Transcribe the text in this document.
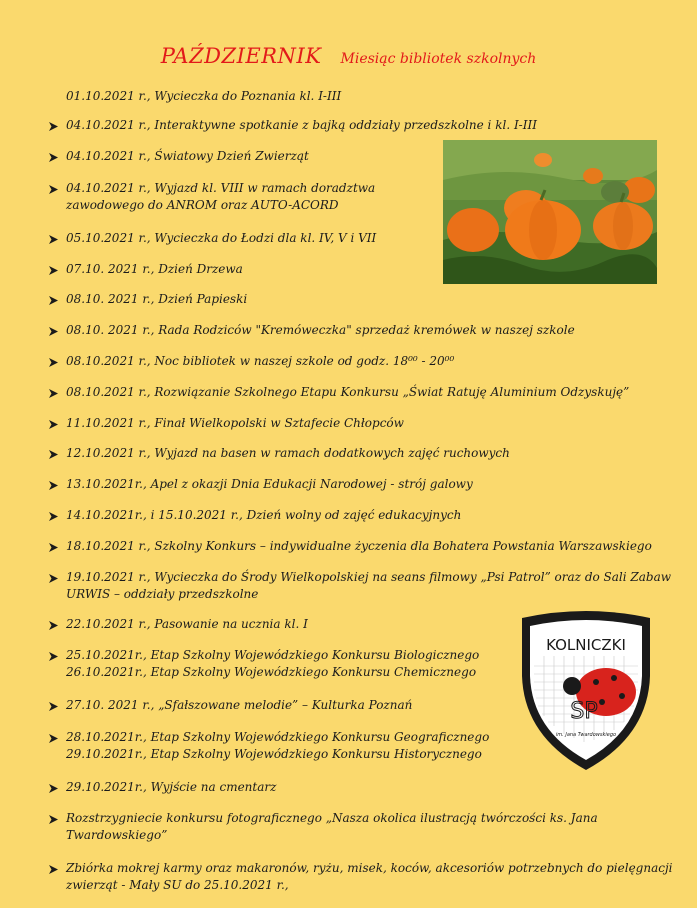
PAŹDZIERNIK Miesiąc bibliotek szkolnych
01.10.2021 r., Wycieczka do Poznania kl. I-III
04.10.2021 r., Interaktywne spotkanie z bajką oddziały przedszkolne i kl. I-III
04.10.2021 r., Światowy Dzień Zwierząt
04.10.2021 r., Wyjazd kl. VIII w ramach doradztwa
zawodowego do ANROM oraz AUTO-ACORD
05.10.2021 r., Wycieczka do Łodzi dla kl. IV, V i VII
07.10. 2021 r., Dzień Drzewa
08.10. 2021 r., Dzień Papieski
08.10. 2021 r., Rada Rodziców "Kremóweczka" sprzedaż kremówek w naszej szkole
08.10.2021 r., Noc bibliotek w naszej szkole od godz. 18⁰⁰ - 20⁰⁰
08.10.2021 r., Rozwiązanie Szkolnego Etapu Konkursu „Świat Ratuję Aluminium Odzyskuję”
11.10.2021 r., Finał Wielkopolski w Sztafecie Chłopców
12.10.2021 r., Wyjazd na basen w ramach dodatkowych zajęć ruchowych
13.10.2021r., Apel z okazji Dnia Edukacji Narodowej - strój galowy
14.10.2021r., i 15.10.2021 r., Dzień wolny od zajęć edukacyjnych
18.10.2021 r., Szkolny Konkurs – indywidualne życzenia dla Bohatera Powstania Warszawskiego
19.10.2021 r., Wycieczka do Środy Wielkopolskiej na seans filmowy „Psi Patrol” oraz do Sali Zabaw
URWIS – oddziały przedszkolne
22.10.2021 r., Pasowanie na ucznia kl. I
25.10.2021r., Etap Szkolny Wojewódzkiego Konkursu Biologicznego
26.10.2021r., Etap Szkolny Wojewódzkiego Konkursu Chemicznego
27.10. 2021 r., „Sfałszowane melodie” – Kulturka Poznań
28.10.2021r., Etap Szkolny Wojewódzkiego Konkursu Geograficznego
29.10.2021r., Etap Szkolny Wojewódzkiego Konkursu Historycznego
29.10.2021r., Wyjście na cmentarz
Rozstrzygniecie konkursu fotograficznego „Nasza okolica ilustracją twórczości ks. Jana
Twardowskiego”
Zbiórka mokrej karmy oraz makaronów, ryżu, misek, koców, akcesoriów potrzebnych do pielęgnacji
zwierząt - Mały SU do 25.10.2021 r.,
KOLNICZKI
SP
im. Jana Twardowskiego
